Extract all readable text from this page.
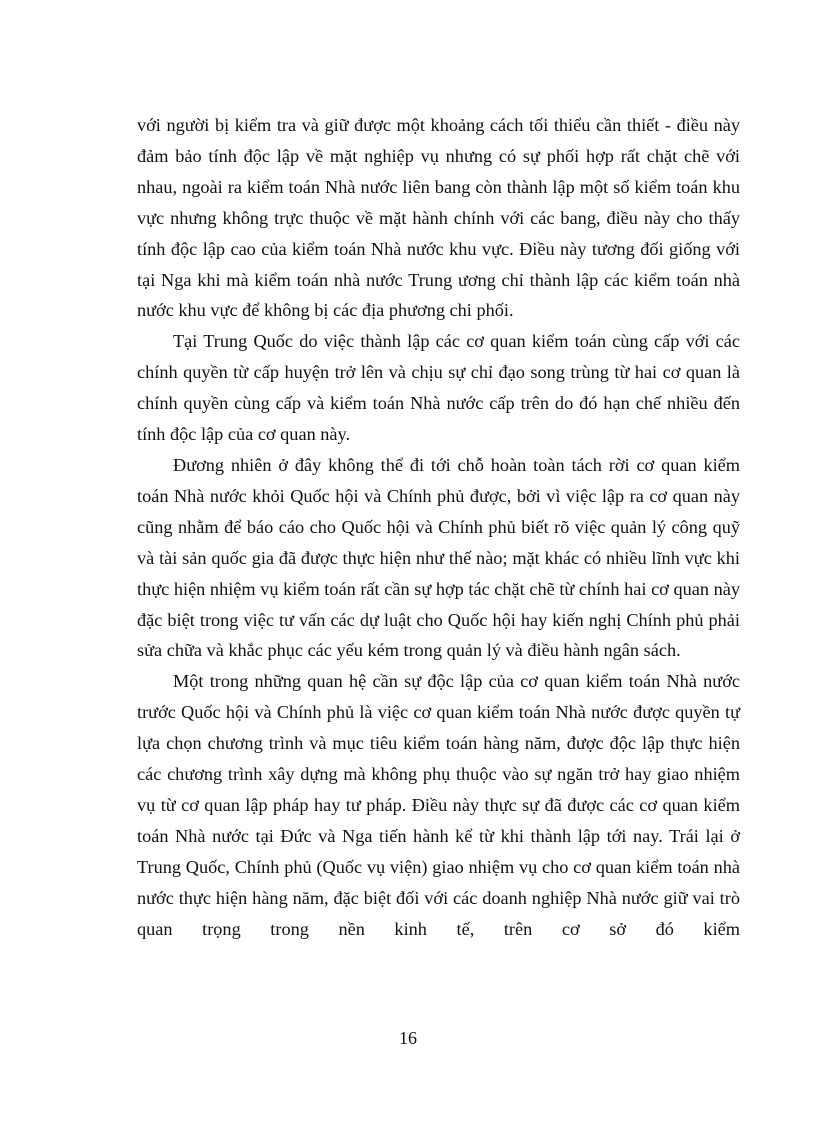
với người bị kiểm tra và giữ được một khoảng cách tối thiểu cần thiết - điều này đảm bảo tính độc lập về mặt nghiệp vụ nhưng có sự phối hợp rất chặt chẽ với nhau, ngoài ra kiểm toán Nhà nước liên bang còn thành lập một số kiểm toán khu vực nhưng không trực thuộc về mặt hành chính với các bang, điều này cho thấy tính độc lập cao của kiểm toán Nhà nước khu vực. Điều này tương đối giống với tại Nga khi mà kiểm toán nhà nước Trung ương chỉ thành lập các kiểm toán nhà nước khu vực để không bị các địa phương chi phối.

Tại Trung Quốc do việc thành lập các cơ quan kiểm toán cùng cấp với các chính quyền từ cấp huyện trở lên và chịu sự chỉ đạo song trùng từ hai cơ quan là chính quyền cùng cấp và kiểm toán Nhà nước cấp trên do đó hạn chế nhiều đến tính độc lập của cơ quan này.

Đương nhiên ở đây không thể đi tới chỗ hoàn toàn tách rời cơ quan kiểm toán Nhà nước khỏi Quốc hội và Chính phủ được, bởi vì việc lập ra cơ quan này cũng nhằm để báo cáo cho Quốc hội và Chính phủ biết rõ việc quản lý công quỹ và tài sản quốc gia đã được thực hiện như thế nào; mặt khác có nhiều lĩnh vực khi thực hiện nhiệm vụ kiểm toán rất cần sự hợp tác chặt chẽ từ chính hai cơ quan này đặc biệt trong việc tư vấn các dự luật cho Quốc hội hay kiến nghị Chính phủ phải sửa chữa và khắc phục các yếu kém trong quản lý và điều hành ngân sách.

Một trong những quan hệ cần sự độc lập của cơ quan kiểm toán Nhà nước trước Quốc hội và Chính phủ là việc cơ quan kiểm toán Nhà nước được quyền tự lựa chọn chương trình và mục tiêu kiểm toán hàng năm, được độc lập thực hiện các chương trình xây dựng mà không phụ thuộc vào sự ngăn trở hay giao nhiệm vụ từ cơ quan lập pháp hay tư pháp. Điều này thực sự đã được các cơ quan kiểm toán Nhà nước tại Đức và Nga tiến hành kể từ khi thành lập tới nay. Trái lại ở Trung Quốc, Chính phủ (Quốc vụ viện) giao nhiệm vụ cho cơ quan kiểm toán nhà nước thực hiện hàng năm, đặc biệt đối với các doanh nghiệp Nhà nước giữ vai trò quan trọng trong nền kinh tế, trên cơ sở đó kiểm

16
